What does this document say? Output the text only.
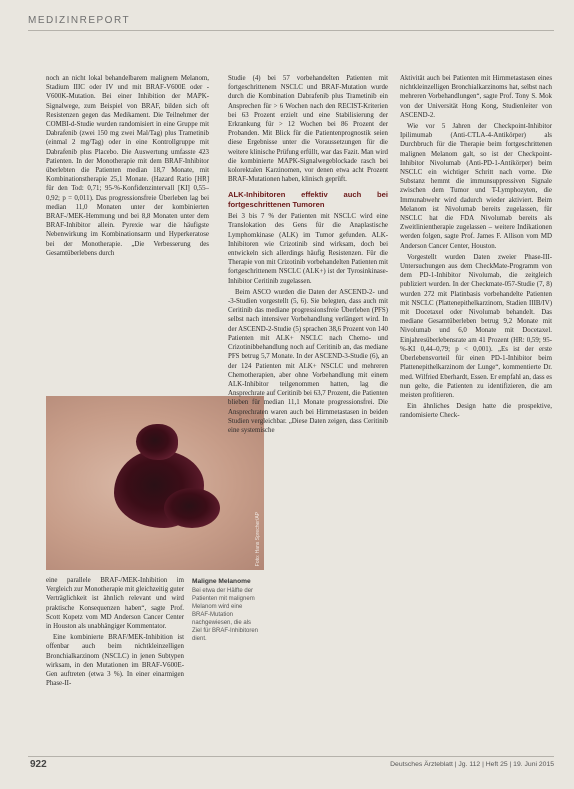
MEDIZINREPORT

noch an nicht lokal behandelbarem malignem Melanom, Stadium IIIC oder IV und mit BRAF-V600E oder -V600K-Mutation. Bei einer Inhibition der MAPK-Signalwege, zum Beispiel von BRAF, bilden sich oft Resistenzen gegen das Medikament. Die Teilnehmer der COMBI-d-Studie wurden randomisiert in eine Gruppe mit Dabrafenib (zwei 150 mg zwei Mal/Tag) plus Trametinib (einmal 2 mg/Tag) oder in eine Kontrollgruppe mit Dabrafenib plus Placebo. Die Auswertung umfasste 423 Patienten. In der Monotherapie mit dem BRAF-Inhibitor überlebten die Patienten median 18,7 Monate, mit Kombinationstherapie 25,1 Monate. (Hazard Ratio [HR] für den Tod: 0,71; 95-%-Konfidenzintervall [KI] 0,55–0,92; p = 0,011). Das progressionsfreie Überleben lag bei median 11,0 Monaten unter der kombinierten BRAF-/MEK-Hemmung und bei 8,8 Monaten unter dem BRAF-Inhibitor allein. Pyrexie war die häufigste Nebenwirkung im Kombinationsarm und Hyperkeratose bei der Monotherapie. „Die Verbesserung des Gesamtüberlebens durch

Foto: Hans Sprecher/AP
Maligne Melanome
Bei etwa der Hälfte der Patienten mit malignem Melanom wird eine BRAF-Mutation nachgewiesen, die als Ziel für BRAF-Inhibitoren dient.

eine parallele BRAF-/MEK-Inhibition im Vergleich zur Monotherapie mit gleichzeitig guter Verträglichkeit ist ähnlich relevant und wird praktische Konsequenzen haben“, sagte Prof. Scott Kopetz vom MD Anderson Cancer Center in Houston als unabhängiger Kommentator.

Eine kombinierte BRAF/MEK-Inhibition ist offenbar auch beim nichtkleinzelligen Bronchialkarzinom (NSCLC) in jenen Subtypen wirksam, in den Mutationen im BRAF-V600E-Gen auftreten (etwa 3 %). In einer einarmigen Phase-II-

Studie (4) bei 57 vorbehandelten Patienten mit fortgeschrittenem NSCLC und BRAF-Mutation wurde durch die Kombination Dabrafenib plus Trametinib ein Ansprechen für > 6 Wochen nach den RECIST-Kriterien bei 63 Prozent erzielt und eine Stabilisierung der Erkrankung für > 12 Wochen bei 86 Prozent der Probanden. Mit Blick für die Patientenprognostik seien diese Ergebnisse unter die Voraussetzungen für die weitere klinische Prüfung erfüllt, war das Fazit. Man wird die kombinierte MAPK-Signalwegeblockade rasch bei kolorektalen Karzinomen, vor denen etwa acht Prozent BRAF-Mutationen haben, klinisch geprüft.

ALK-Inhibitoren effektiv auch bei fortgeschrittenen Tumoren

Bei 3 bis 7 % der Patienten mit NSCLC wird eine Translokation des Gens für die Anaplastische Lymphomkinase (ALK) im Tumor gefunden. ALK-Inhibitoren wie Crizotinib sind wirksam, doch bei entwickeln sich allerdings häufig Resistenzen. Für die Therapie von mit Crizotinib vorbehandelten Patienten mit fortgeschrittenem NSCLC (ALK+) ist der Tyrosinkinase-Inhibitor Ceritinib zugelassen.

Beim ASCO wurden die Daten der ASCEND-2- und -3-Studien vorgestellt (5, 6). Sie belegten, dass auch mit Ceritinib das mediane progressionsfreie Überleben (PFS) selbst nach intensiver Vorbehandlung verlängert wird. In der ASCEND-2-Studie (5) sprachen 38,6 Prozent von 140 Patienten mit ALK+ NSCLC nach Chemo- und Crizotinibbehandlung noch auf Ceritinib an, das mediane PFS betrug 5,7 Monate. In der ASCEND-3-Studie (6), an der 124 Patienten mit ALK+ NSCLC und mehreren Chemotherapien, aber ohne Vorbehandlung mit einem ALK-Inhibitor teilgenommen hatten, lag die Ansprechrate auf Ceritinib bei 63,7 Prozent, die Patienten blieben für median 11,1 Monate progressionsfrei. Die Ansprechraten waren auch bei Hirnmetastasen in beiden Studien vergleichbar. „Diese Daten zeigen, dass Ceritinib eine systemische

Aktivität auch bei Patienten mit Hirnmetastasen eines nichtkleinzelligen Bronchialkarzinoms hat, selbst nach mehreren Vorbehandlungen“, sagte Prof. Tony S. Mok von der Universität Hong Kong, Studienleiter von ASCEND-2.

Wie vor 5 Jahren der Checkpoint-Inhibitor Ipilimumab (Anti-CTLA-4-Antikörper) als Durchbruch für die Therapie beim fortgeschrittenen malignen Melanom galt, so ist der Checkpoint-Inhibitor Nivolumab (Anti-PD-1-Antikörper) beim NSCLC ein wichtiger Schritt nach vorne. Die Substanz hemmt die immunsuppressiven Signale zwischen dem Tumor und T-Lymphozyten, die Immunabwehr wird dadurch wieder aktiviert. Beim Melanom ist Nivolumab bereits zugelassen, für NSCLC hat die FDA Nivolumab bereits als Zweitlinientherapie zugelassen – weitere Indikationen werden folgen, sagte Prof. James F. Allison vom MD Anderson Cancer Center, Houston.

Vorgestellt wurden Daten zweier Phase-III-Untersuchungen aus dem CheckMate-Programm von dem PD-1-Inhibitor Nivolumab, die zeitgleich publiziert wurden. In der Checkmate-057-Studie (7, 8) wurden 272 mit Platinbasis vorbehandelte Patienten mit NSCLC (Plattenepithelkarzinom, Stadien IIIB/IV) mit Docetaxel oder Nivolumab behandelt. Das mediane Gesamtüberleben betrug 9,2 Monate mit Nivolumab und 6,0 Monate mit Docetaxel. Einjahresüberlebensrate am 41 Prozent (HR: 0,59; 95-%-KI 0,44–0,79; p < 0,001). „Es ist der erste Überlebensvorteil für einen PD-1-Inhibitor beim Plattenepithelkarzinom der Lunge“, kommentierte Dr. med. Wilfried Eberhardt, Essen. Er empfahl an, dass es nun gelte, die Patienten zu identifizieren, die am meisten profitieren.

Ein ähnliches Design hatte die prospektive, randomisierte Check-

922	Deutsches Ärzteblatt | Jg. 112 | Heft 25 | 19. Juni 2015
